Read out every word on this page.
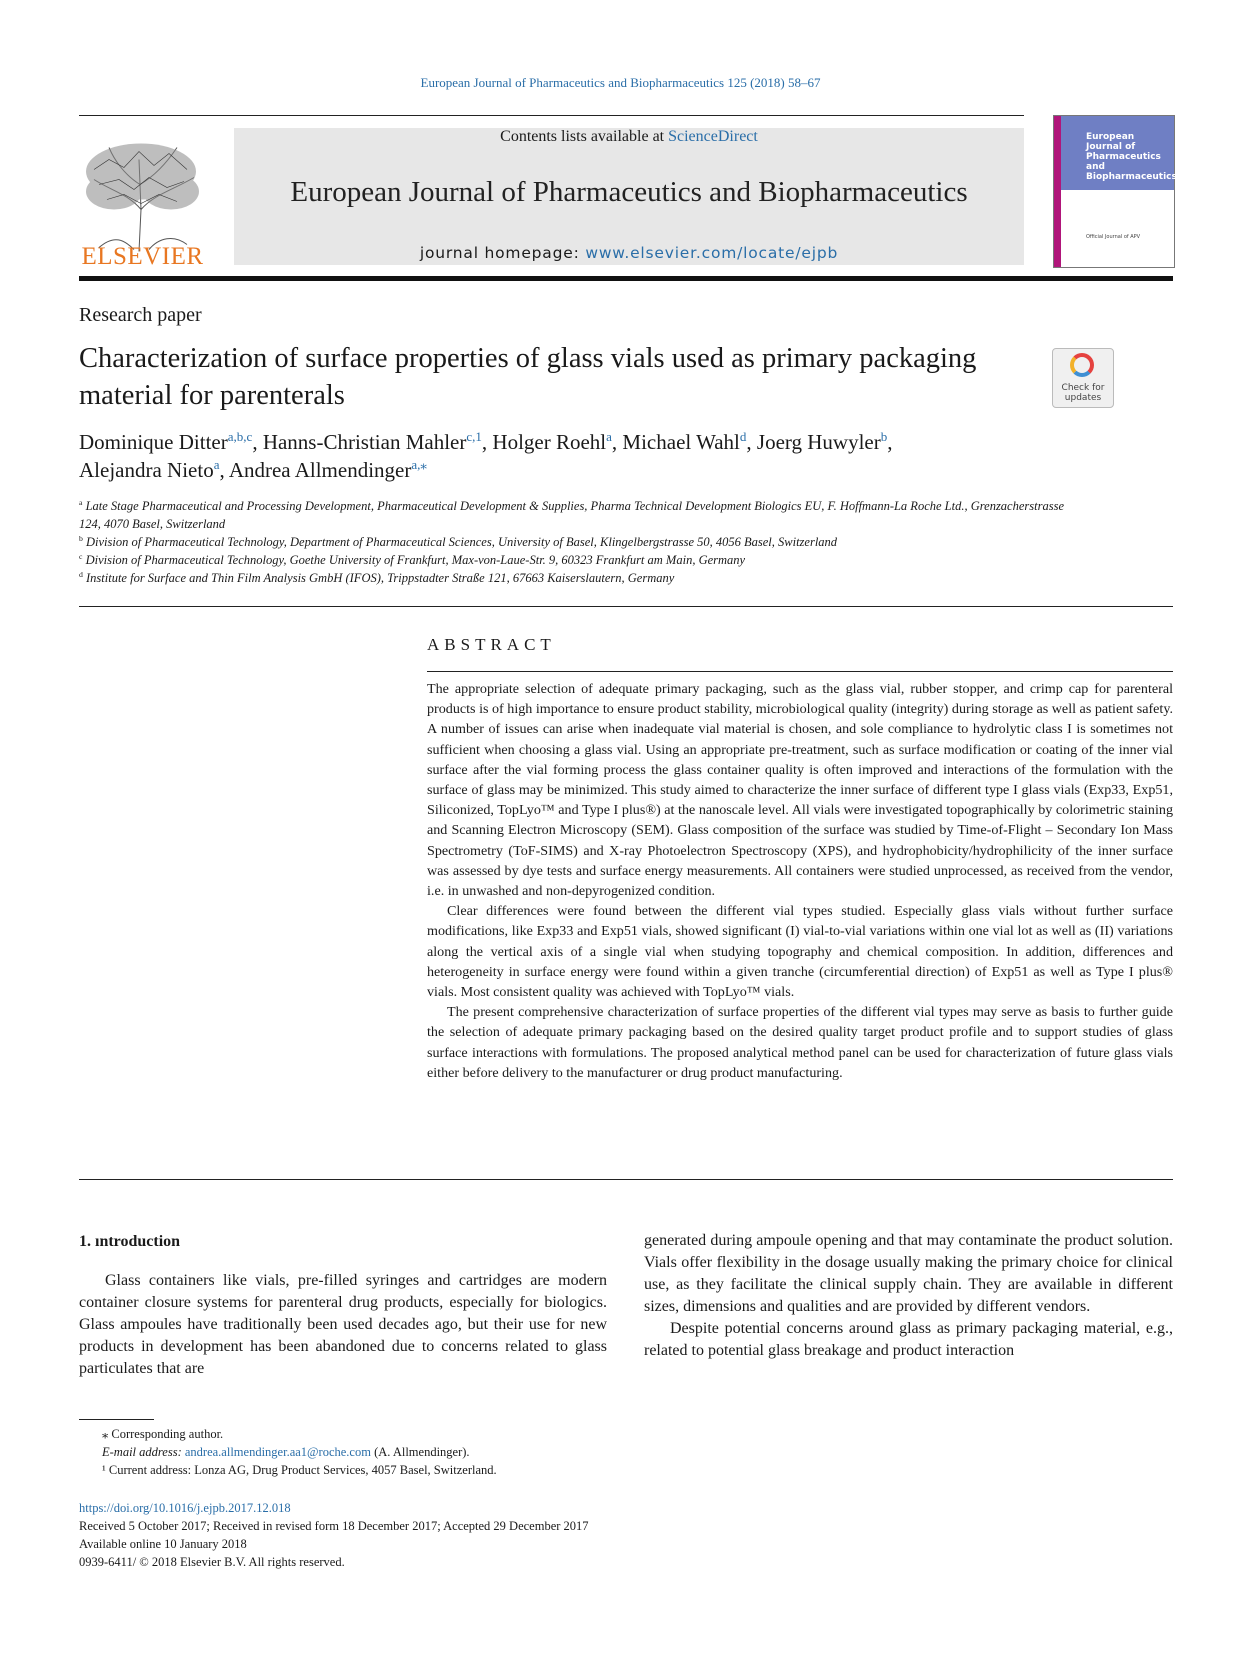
European Journal of Pharmaceutics and Biopharmaceutics 125 (2018) 58–67
ELSEVIER
Contents lists available at ScienceDirect
European Journal of Pharmaceutics and Biopharmaceutics
journal homepage: www.elsevier.com/locate/ejpb
European Journal of Pharmaceutics and Biopharmaceutics
Official Journal of APV
Research paper
Characterization of surface properties of glass vials used as primary packaging material for parenterals	Check for updates
Dominique Ditter$^{a,b,c}$, Hanns-Christian Mahler$^{c,1}$, Holger Roehl$^a$, Michael Wahl$^d$, Joerg Huwyler$^b$,
Alejandra Nieto$^a$, Andrea Allmendinger$^{a,⁎}$
$^a$ Late Stage Pharmaceutical and Processing Development, Pharmaceutical Development & Supplies, Pharma Technical Development Biologics EU, F. Hoffmann-La Roche Ltd., Grenzacherstrasse 124, 4070 Basel, Switzerland
$^b$ Division of Pharmaceutical Technology, Department of Pharmaceutical Sciences, University of Basel, Klingelbergstrasse 50, 4056 Basel, Switzerland
$^c$ Division of Pharmaceutical Technology, Goethe University of Frankfurt, Max-von-Laue-Str. 9, 60323 Frankfurt am Main, Germany
$^d$ Institute for Surface and Thin Film Analysis GmbH (IFOS), Trippstadter Straße 121, 67663 Kaiserslautern, Germany
ABSTRACT

The appropriate selection of adequate primary packaging, such as the glass vial, rubber stopper, and crimp cap for parenteral products is of high importance to ensure product stability, microbiological quality (integrity) during storage as well as patient safety. A number of issues can arise when inadequate vial material is chosen, and sole compliance to hydrolytic class I is sometimes not sufficient when choosing a glass vial. Using an appropriate pre-treatment, such as surface modification or coating of the inner vial surface after the vial forming process the glass container quality is often improved and interactions of the formulation with the surface of glass may be minimized. This study aimed to characterize the inner surface of different type I glass vials (Exp33, Exp51, Siliconized, TopLyo™ and Type I plus®) at the nanoscale level. All vials were investigated topographically by colorimetric staining and Scanning Electron Microscopy (SEM). Glass composition of the surface was studied by Time-of-Flight – Secondary Ion Mass Spectrometry (ToF-SIMS) and X-ray Photoelectron Spectroscopy (XPS), and hydrophobicity/hydrophilicity of the inner surface was assessed by dye tests and surface energy measurements. All containers were studied unprocessed, as received from the vendor, i.e. in unwashed and non-depyrogenized condition.

Clear differences were found between the different vial types studied. Especially glass vials without further surface modifications, like Exp33 and Exp51 vials, showed significant (I) vial-to-vial variations within one vial lot as well as (II) variations along the vertical axis of a single vial when studying topography and chemical composition. In addition, differences and heterogeneity in surface energy were found within a given tranche (circumferential direction) of Exp51 as well as Type I plus® vials. Most consistent quality was achieved with TopLyo™ vials.

The present comprehensive characterization of surface properties of the different vial types may serve as basis to further guide the selection of adequate primary packaging based on the desired quality target product profile and to support studies of glass surface interactions with formulations. The proposed analytical method panel can be used for characterization of future glass vials either before delivery to the manufacturer or drug product manufacturing.

1. ıntroduction

Glass containers like vials, pre-filled syringes and cartridges are modern container closure systems for parenteral drug products, especially for biologics. Glass ampoules have traditionally been used decades ago, but their use for new products in development has been abandoned due to concerns related to glass particulates that are

generated during ampoule opening and that may contaminate the product solution. Vials offer flexibility in the dosage usually making the primary choice for clinical use, as they facilitate the clinical supply chain. They are available in different sizes, dimensions and qualities and are provided by different vendors.

Despite potential concerns around glass as primary packaging material, e.g., related to potential glass breakage and product interaction

⁎ Corresponding author.
E-mail address: andrea.allmendinger.aa1@roche.com (A. Allmendinger).
¹ Current address: Lonza AG, Drug Product Services, 4057 Basel, Switzerland.
https://doi.org/10.1016/j.ejpb.2017.12.018
Received 5 October 2017; Received in revised form 18 December 2017; Accepted 29 December 2017
Available online 10 January 2018
0939-6411/ © 2018 Elsevier B.V. All rights reserved.
